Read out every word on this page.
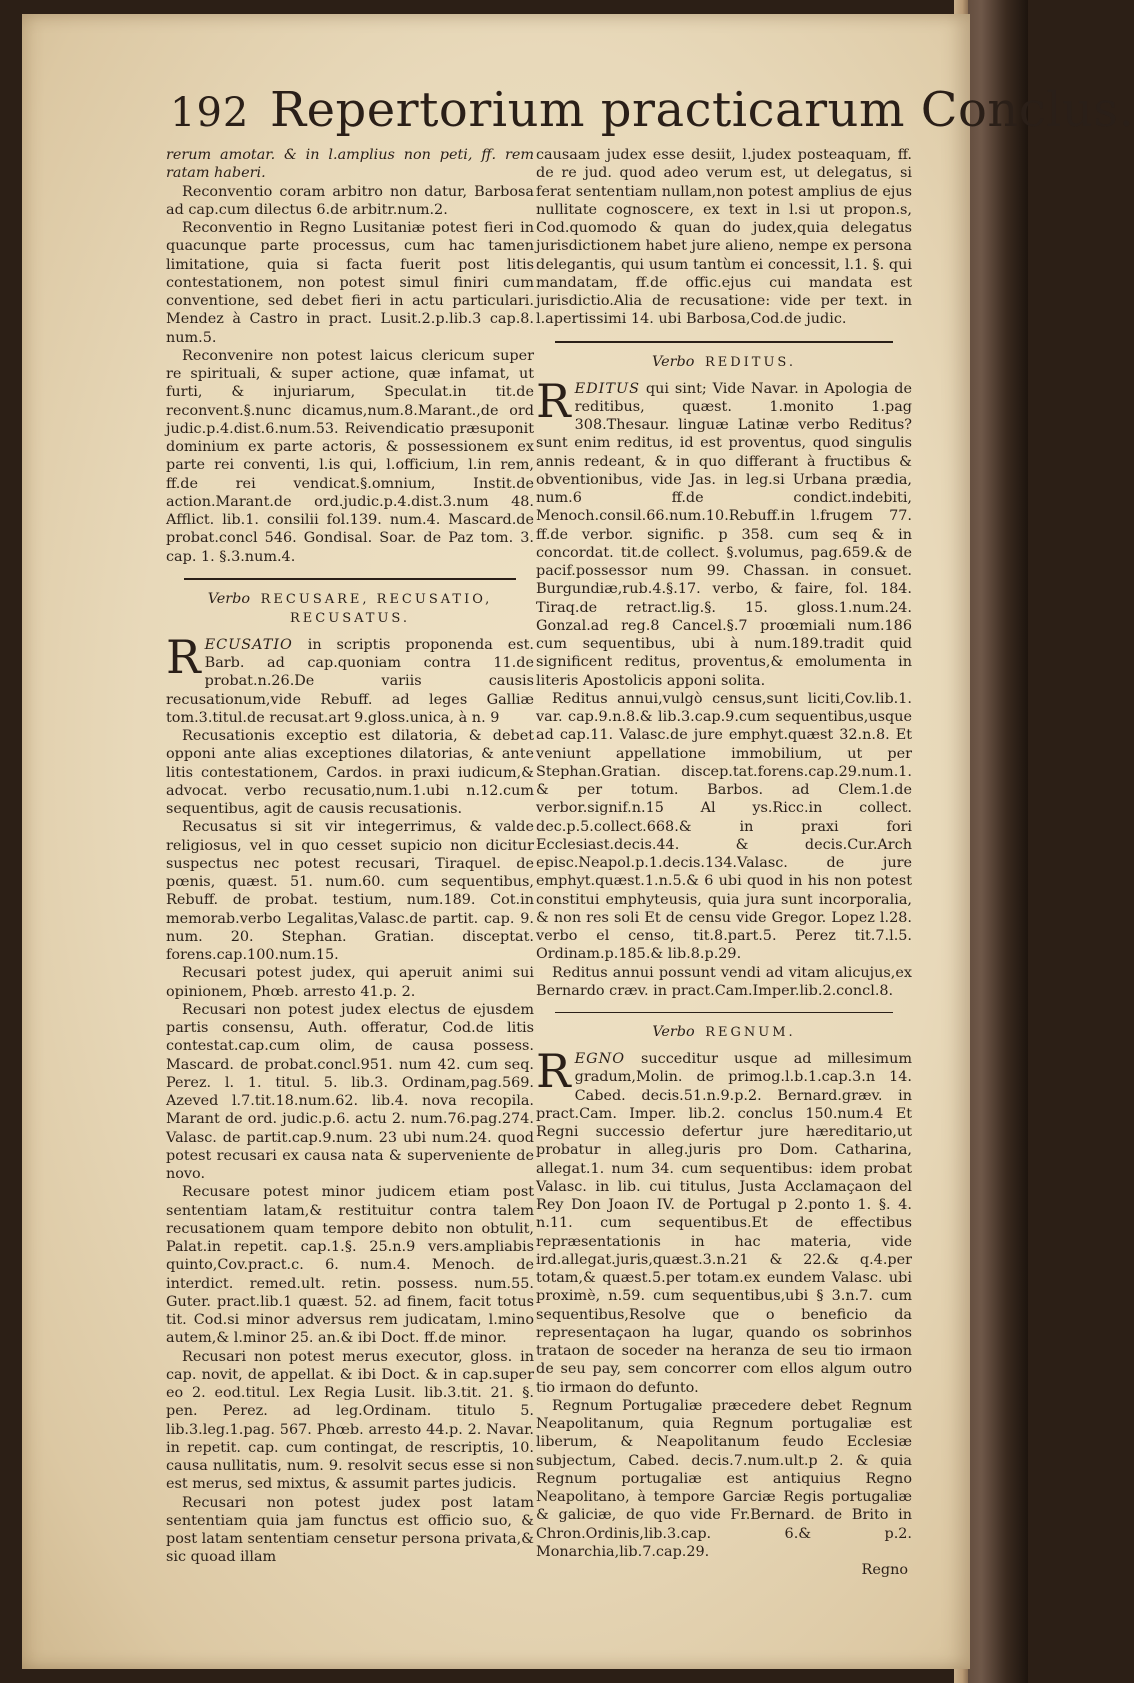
192 Repertorium practicarum Conclus.

rerum amotar. & in l.amplius non peti, ff. rem ratam haberi.

Reconventio coram arbitro non datur, Barbosa ad cap.cum dilectus 6.de arbitr.num.2.

Reconventio in Regno Lusitaniæ potest fieri in quacunque parte processus, cum hac tamen limitatione, quia si facta fuerit post litis contestationem, non potest simul finiri cum conventione, sed debet fieri in actu particulari. Mendez à Castro in pract. Lusit.2.p.lib.3 cap.8. num.5.

Reconvenire non potest laicus clericum super re spirituali, & super actione, quæ infamat, ut furti, & injuriarum, Speculat.in tit.de reconvent.§.nunc dicamus,num.8.Marant.,de ord judic.p.4.dist.6.num.53. Reivendicatio præsuponit dominium ex parte actoris, & possessionem ex parte rei conventi, l.is qui, l.officium, l.in rem, ff.de rei vendicat.§.omnium, Instit.de action.Marant.de ord.judic.p.4.dist.3.num 48. Afflict. lib.1. consilii fol.139. num.4. Mascard.de probat.concl 546. Gondisal. Soar. de Paz tom. 3. cap. 1. §.3.num.4.

Verbo RECUSARE, RECUSATIO, RECUSATUS.

RECUSATIO in scriptis proponenda est. Barb. ad cap.quoniam contra 11.de probat.n.26.De variis causis recusationum,vide Rebuff. ad leges Galliæ tom.3.titul.de recusat.art 9.gloss.unica, à n. 9

Recusationis exceptio est dilatoria, & debet opponi ante alias exceptiones dilatorias, & ante litis contestationem, Cardos. in praxi iudicum,& advocat. verbo recusatio,num.1.ubi n.12.cum sequentibus, agit de causis recusationis.

Recusatus si sit vir integerrimus, & valde religiosus, vel in quo cesset supicio non dicitur suspectus nec potest recusari, Tiraquel. de pœnis, quæst. 51. num.60. cum sequentibus, Rebuff. de probat. testium, num.189. Cot.in memorab.verbo Legalitas,Valasc.de partit. cap. 9. num. 20. Stephan. Gratian. disceptat. forens.cap.100.num.15.

Recusari potest judex, qui aperuit animi sui opinionem, Phœb. arresto 41.p. 2.

Recusari non potest judex electus de ejusdem partis consensu, Auth. offeratur, Cod.de litis contestat.cap.cum olim, de causa possess. Mascard. de probat.concl.951. num 42. cum seq. Perez. l. 1. titul. 5. lib.3. Ordinam,pag.569. Azeved l.7.tit.18.num.62. lib.4. nova recopila. Marant de ord. judic.p.6. actu 2. num.76.pag.274. Valasc. de partit.cap.9.num. 23 ubi num.24. quod potest recusari ex causa nata & superveniente de novo.

Recusare potest minor judicem etiam post sententiam latam,& restituitur contra talem recusationem quam tempore debito non obtulit, Palat.in repetit. cap.1.§. 25.n.9 vers.ampliabis quinto,Cov.pract.c. 6. num.4. Menoch. de interdict. remed.ult. retin. possess. num.55. Guter. pract.lib.1 quæst. 52. ad finem, facit totus tit. Cod.si minor adversus rem judicatam, l.mino autem,& l.minor 25. an.& ibi Doct. ff.de minor.

Recusari non potest merus executor, gloss. in cap. novit, de appellat. & ibi Doct. & in cap.super eo 2. eod.titul. Lex Regia Lusit. lib.3.tit. 21. §. pen. Perez. ad leg.Ordinam. titulo 5. lib.3.leg.1.pag. 567. Phœb. arresto 44.p. 2. Navar. in repetit. cap. cum contingat, de rescriptis, 10. causa nullitatis, num. 9. resolvit secus esse si non est merus, sed mixtus, & assumit partes judicis.

Recusari non potest judex post latam sententiam quia jam functus est officio suo, & post latam sententiam censetur persona privata,& sic quoad illam

causaam judex esse desiit, l.judex posteaquam, ff. de re jud. quod adeo verum est, ut delegatus, si ferat sententiam nullam,non potest amplius de ejus nullitate cognoscere, ex text in l.si ut propon.s, Cod.quomodo & quan do judex,quia delegatus jurisdictionem habet jure alieno, nempe ex persona delegantis, qui usum tantùm ei concessit, l.1. §. qui mandatam, ff.de offic.ejus cui mandata est jurisdictio.Alia de recusatione: vide per text. in l.apertissimi 14. ubi Barbosa,Cod.de judic.

Verbo REDITUS.

REDITUS qui sint; Vide Navar. in Apologia de reditibus, quæst. 1.monito 1.pag 308.Thesaur. linguæ Latinæ verbo Reditus? sunt enim reditus, id est proventus, quod singulis annis redeant, & in quo differant à fructibus & obventionibus, vide Jas. in leg.si Urbana prædia, num.6 ff.de condict.indebiti, Menoch.consil.66.num.10.Rebuff.in l.frugem 77. ff.de verbor. signific. p 358. cum seq & in concordat. tit.de collect. §.volumus, pag.659.& de pacif.possessor num 99. Chassan. in consuet. Burgundiæ,rub.4.§.17. verbo, & faire, fol. 184. Tiraq.de retract.lig.§. 15. gloss.1.num.24. Gonzal.ad reg.8 Cancel.§.7 proœmiali num.186 cum sequentibus, ubi à num.189.tradit quid significent reditus, proventus,& emolumenta in literis Apostolicis apponi solita.

Reditus annui,vulgò census,sunt liciti,Cov.lib.1. var. cap.9.n.8.& lib.3.cap.9.cum sequentibus,usque ad cap.11. Valasc.de jure emphyt.quæst 32.n.8. Et veniunt appellatione immobilium, ut per Stephan.Gratian. discep.tat.forens.cap.29.num.1. & per totum. Barbos. ad Clem.1.de verbor.signif.n.15 Al ys.Ricc.in collect. dec.p.5.collect.668.& in praxi fori Ecclesiast.decis.44. & decis.Cur.Arch episc.Neapol.p.1.decis.134.Valasc. de jure emphyt.quæst.1.n.5.& 6 ubi quod in his non potest constitui emphyteusis, quia jura sunt incorporalia, & non res soli Et de censu vide Gregor. Lopez l.28. verbo el censo, tit.8.part.5. Perez tit.7.l.5. Ordinam.p.185.& lib.8.p.29.

Reditus annui possunt vendi ad vitam alicujus,ex Bernardo cræv. in pract.Cam.Imper.lib.2.concl.8.

Verbo REGNUM.

REGNO succeditur usque ad millesimum gradum,Molin. de primog.l.b.1.cap.3.n 14. Cabed. decis.51.n.9.p.2. Bernard.græv. in pract.Cam. Imper. lib.2. conclus 150.num.4 Et Regni successio defertur jure hæreditario,ut probatur in alleg.juris pro Dom. Catharina, allegat.1. num 34. cum sequentibus: idem probat Valasc. in lib. cui titulus, Justa Acclamaçaon del Rey Don Joaon IV. de Portugal p 2.ponto 1. §. 4. n.11. cum sequentibus.Et de effectibus repræsentationis in hac materia, vide ird.allegat.juris,quæst.3.n.21 & 22.& q.4.per totam,& quæst.5.per totam.ex eundem Valasc. ubi proximè, n.59. cum sequentibus,ubi § 3.n.7. cum sequentibus,Resolve que o beneficio da representaçaon ha lugar, quando os sobrinhos trataon de soceder na heranza de seu tio irmaon de seu pay, sem concorrer com ellos algum outro tio irmaon do defunto.

Regnum Portugaliæ præcedere debet Regnum Neapolitanum, quia Regnum portugaliæ est liberum, & Neapolitanum feudo Ecclesiæ subjectum, Cabed. decis.7.num.ult.p 2. & quia Regnum portugaliæ est antiquius Regno Neapolitano, à tempore Garciæ Regis portugaliæ & galiciæ, de quo vide Fr.Bernard. de Brito in Chron.Ordinis,lib.3.cap. 6.& p.2. Monarchia,lib.7.cap.29.

Regno
